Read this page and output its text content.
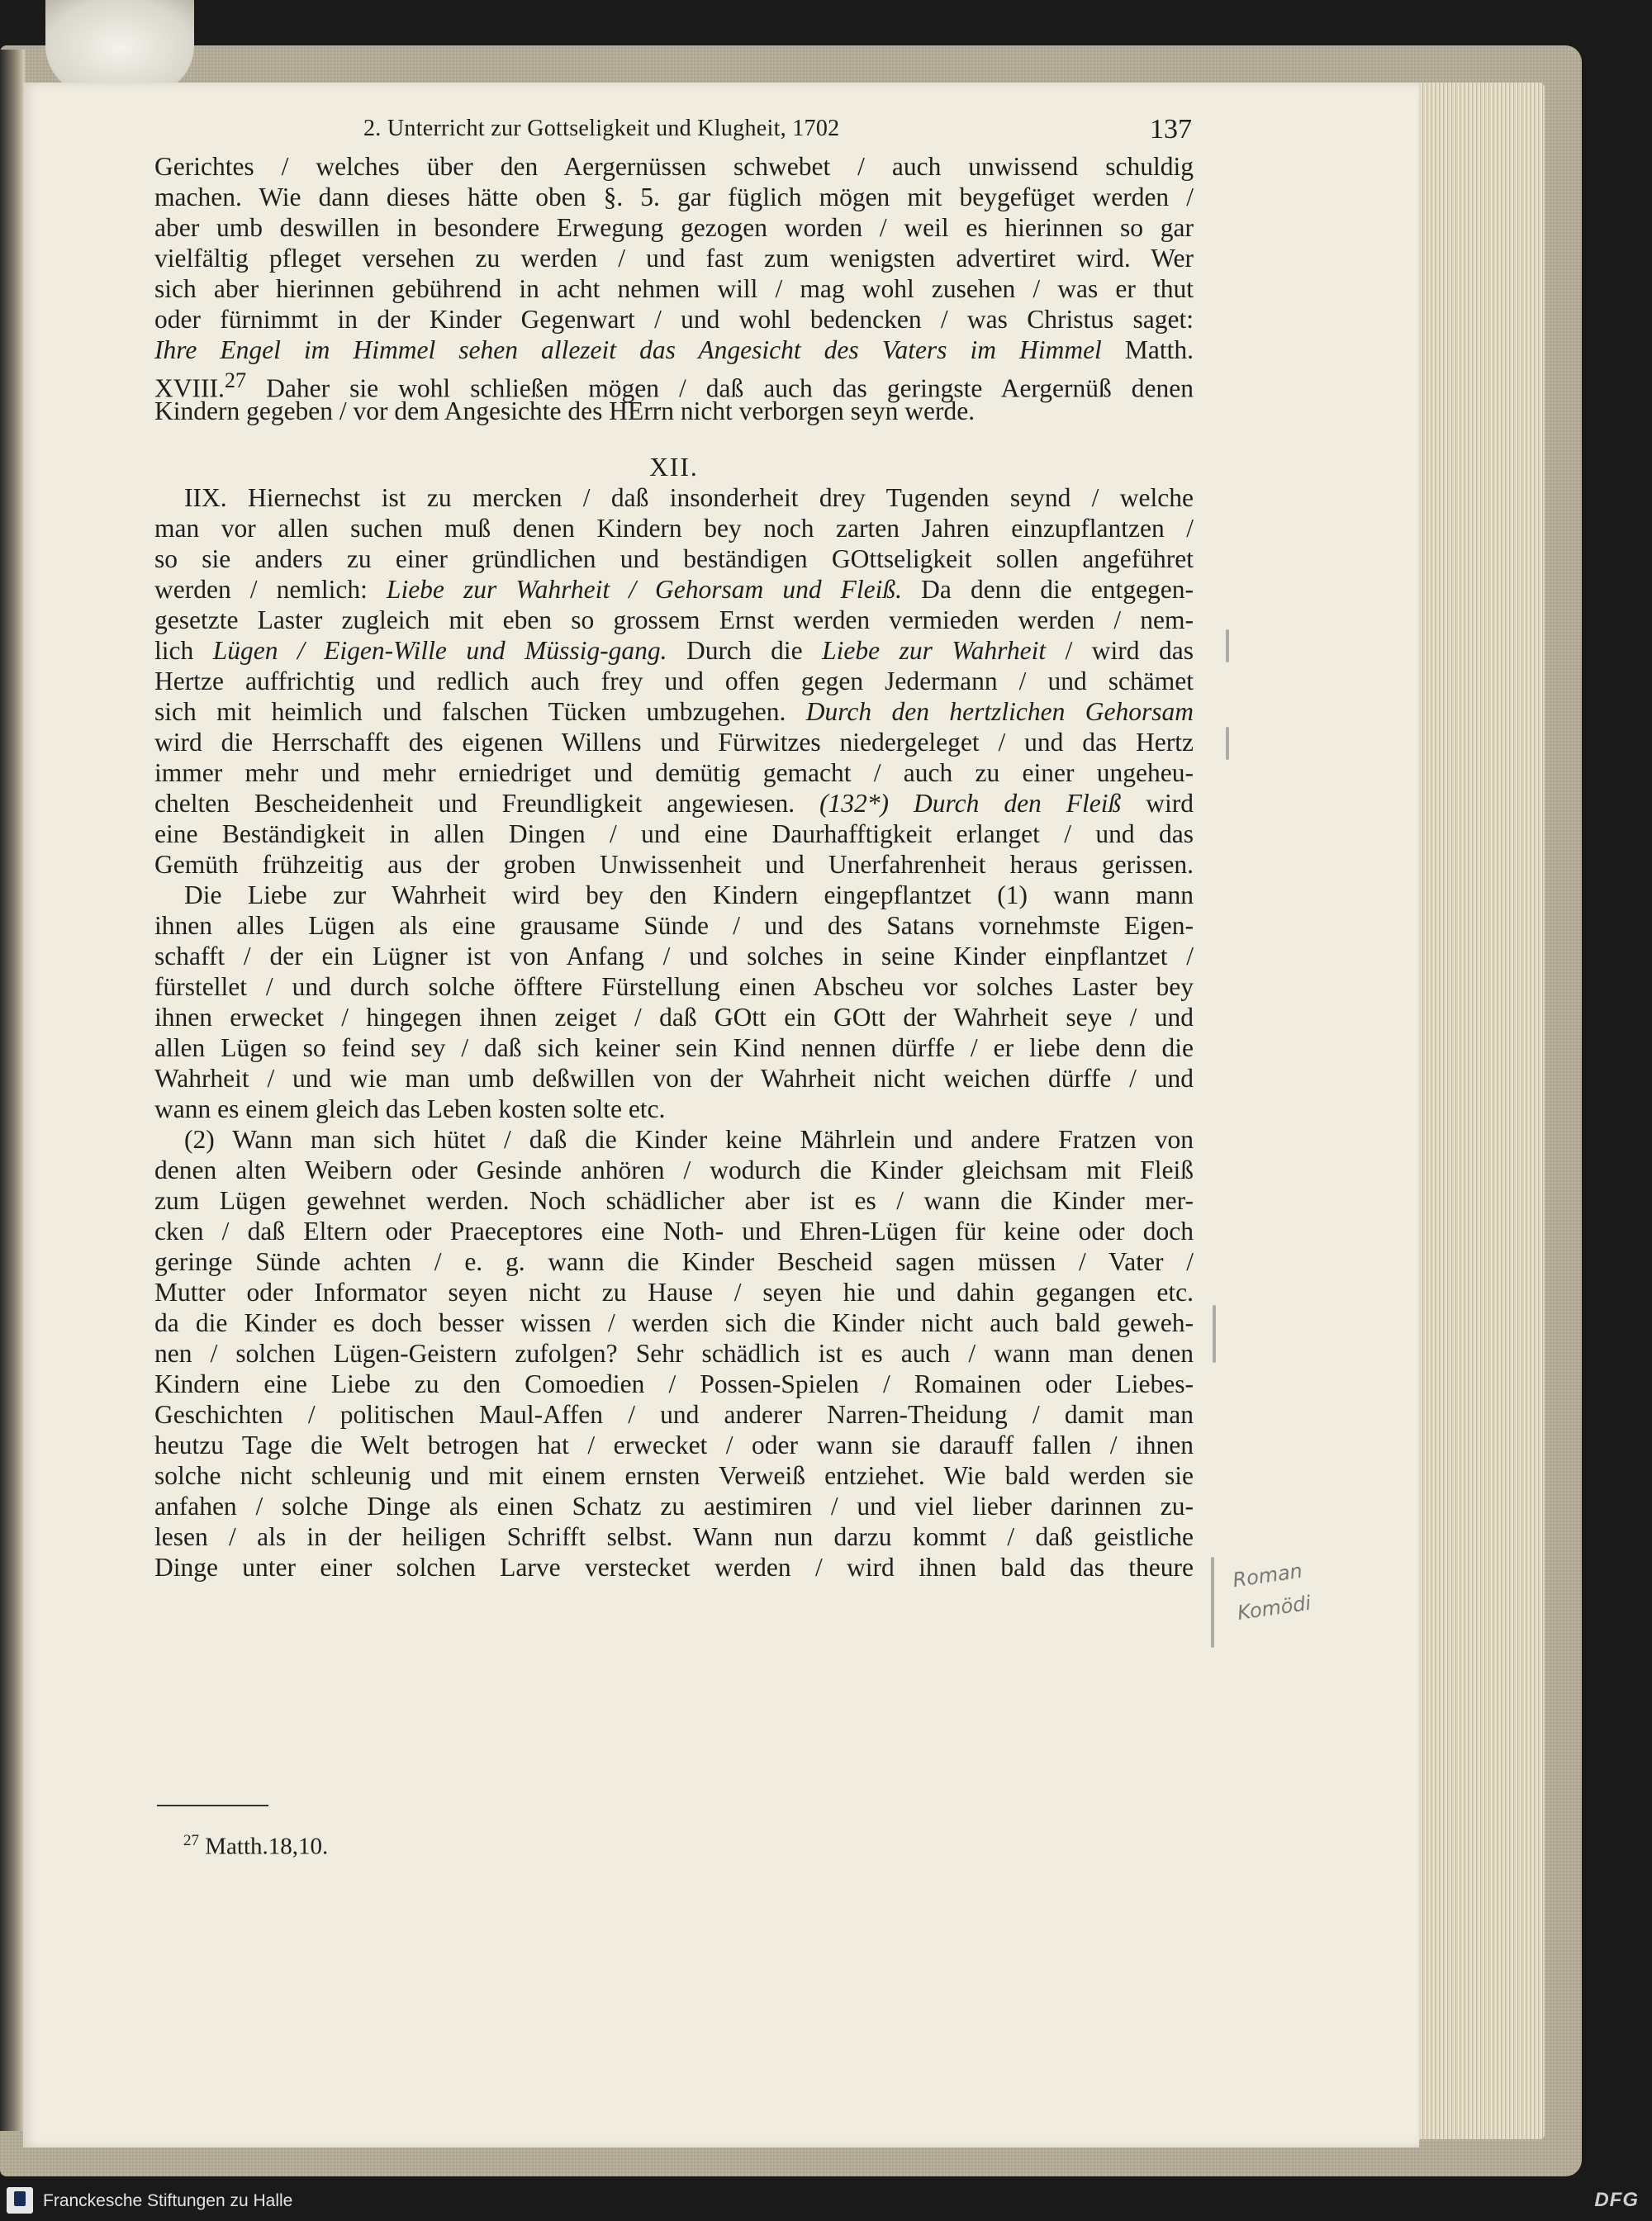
2. Unterricht zur Gottseligkeit und Klugheit, 1702	137
Gerichtes / welches über den Aergernüssen schwebet / auch unwissend schuldig
machen. Wie dann dieses hätte oben §. 5. gar füglich mögen mit beygefüget werden /
aber umb deswillen in besondere Erwegung gezogen worden / weil es hierinnen so gar
vielfältig pfleget versehen zu werden / und fast zum wenigsten advertiret wird. Wer
sich aber hierinnen gebührend in acht nehmen will / mag wohl zusehen / was er thut
oder fürnimmt in der Kinder Gegenwart / und wohl bedencken / was Christus saget:
Ihre Engel im Himmel sehen allezeit das Angesicht des Vaters im Himmel Matth.
XVIII.$^{27}$ Daher sie wohl schließen mögen / daß auch das geringste Aergernüß denen
Kindern gegeben / vor dem Angesichte des HErrn nicht verborgen seyn werde.
XII.
IIX. Hiernechst ist zu mercken / daß insonderheit drey Tugenden seynd / welche
man vor allen suchen muß denen Kindern bey noch zarten Jahren einzupflantzen /
so sie anders zu einer gründlichen und beständigen GOttseligkeit sollen angeführet
werden / nemlich: Liebe zur Wahrheit / Gehorsam und Fleiß. Da denn die entgegen-
gesetzte Laster zugleich mit eben so grossem Ernst werden vermieden werden / nem-
lich Lügen / Eigen-Wille und Müssig-gang. Durch die Liebe zur Wahrheit / wird das
Hertze auffrichtig und redlich auch frey und offen gegen Jedermann / und schämet
sich mit heimlich und falschen Tücken umbzugehen. Durch den hertzlichen Gehorsam
wird die Herrschafft des eigenen Willens und Fürwitzes niedergeleget / und das Hertz
immer mehr und mehr erniedriget und demütig gemacht / auch zu einer ungeheu-
chelten Bescheidenheit und Freundligkeit angewiesen. (132*) Durch den Fleiß wird
eine Beständigkeit in allen Dingen / und eine Daurhafftigkeit erlanget / und das
Gemüth frühzeitig aus der groben Unwissenheit und Unerfahrenheit heraus gerissen.
Die Liebe zur Wahrheit wird bey den Kindern eingepflantzet (1) wann mann
ihnen alles Lügen als eine grausame Sünde / und des Satans vornehmste Eigen-
schafft / der ein Lügner ist von Anfang / und solches in seine Kinder einpflantzet /
fürstellet / und durch solche öfftere Fürstellung einen Abscheu vor solches Laster bey
ihnen erwecket / hingegen ihnen zeiget / daß GOtt ein GOtt der Wahrheit seye / und
allen Lügen so feind sey / daß sich keiner sein Kind nennen dürffe / er liebe denn die
Wahrheit / und wie man umb deßwillen von der Wahrheit nicht weichen dürffe / und
wann es einem gleich das Leben kosten solte etc.
(2) Wann man sich hütet / daß die Kinder keine Mährlein und andere Fratzen von
denen alten Weibern oder Gesinde anhören / wodurch die Kinder gleichsam mit Fleiß
zum Lügen gewehnet werden. Noch schädlicher aber ist es / wann die Kinder mer-
cken / daß Eltern oder Praeceptores eine Noth- und Ehren-Lügen für keine oder doch
geringe Sünde achten / e. g. wann die Kinder Bescheid sagen müssen / Vater /
Mutter oder Informator seyen nicht zu Hause / seyen hie und dahin gegangen etc.
da die Kinder es doch besser wissen / werden sich die Kinder nicht auch bald geweh-
nen / solchen Lügen-Geistern zufolgen? Sehr schädlich ist es auch / wann man denen
Kindern eine Liebe zu den Comoedien / Possen-Spielen / Romainen oder Liebes-
Geschichten / politischen Maul-Affen / und anderer Narren-Theidung / damit man
heutzu Tage die Welt betrogen hat / erwecket / oder wann sie darauff fallen / ihnen
solche nicht schleunig und mit einem ernsten Verweiß entziehet. Wie bald werden sie
anfahen / solche Dinge als einen Schatz zu aestimiren / und viel lieber darinnen zu-
lesen / als in der heiligen Schrifft selbst. Wann nun darzu kommt / daß geistliche
Dinge unter einer solchen Larve verstecket werden / wird ihnen bald das theure
$^{27}$ Matth.18,10.
Roman
Komödi
Franckesche Stiftungen zu Halle	DFG
